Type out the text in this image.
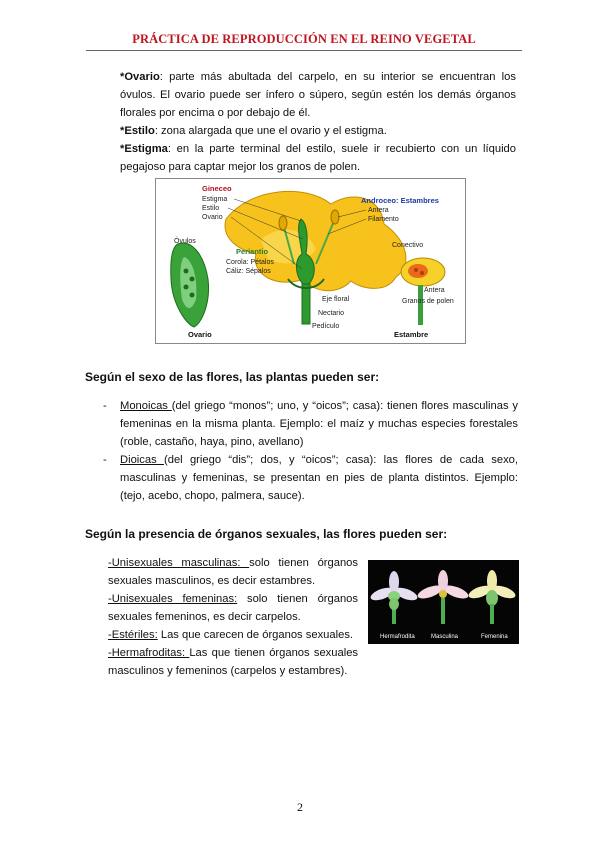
PRÁCTICA DE REPRODUCCIÓN EN EL REINO VEGETAL

*Ovario: parte más abultada del carpelo, en su interior se encuentran los óvulos. El ovario puede ser ínfero o súpero, según estén los demás órganos florales por encima o por debajo de él.

*Estilo: zona alargada que une el ovario y el estigma.

*Estigma: en la parte terminal del estilo, suele ir recubierto con un líquido pegajoso para captar mejor los granos de polen.

Gineceo
Estigma
Estilo
Ovario
Androceo: Estambres
Antera
Filamento
Óvulos
Periantio
Corola: Pétalos
Cáliz: Sépalos
Conectivo
Antera
Granos de polen
Eje floral
Nectario
Pedículo
Ovario	Estambre
Según el sexo de las flores, las plantas pueden ser:
- Monoicas (del griego “monos”; uno, y “oicos”; casa): tienen flores masculinas y femeninas en la misma planta. Ejemplo: el maíz y muchas especies forestales (roble, castaño, haya, pino, avellano)
- Dioicas (del griego “dis”; dos, y “oicos”; casa): las flores de cada sexo, masculinas y femeninas, se presentan en pies de planta distintos. Ejemplo: (tejo, acebo, chopo, palmera, sauce).
Según la presencia de órganos sexuales, las flores pueden ser:

-Unisexuales masculinas: solo tienen órganos sexuales masculinos, es decir estambres.

-Unisexuales femeninas: solo tienen órganos sexuales femeninos, es decir carpelos.

-Estériles: Las que carecen de órganos sexuales.

-Hermafroditas: Las que tienen órganos sexuales masculinos y femeninos (carpelos y estambres).

Hermafrodita	Masculina	Femenina
2
